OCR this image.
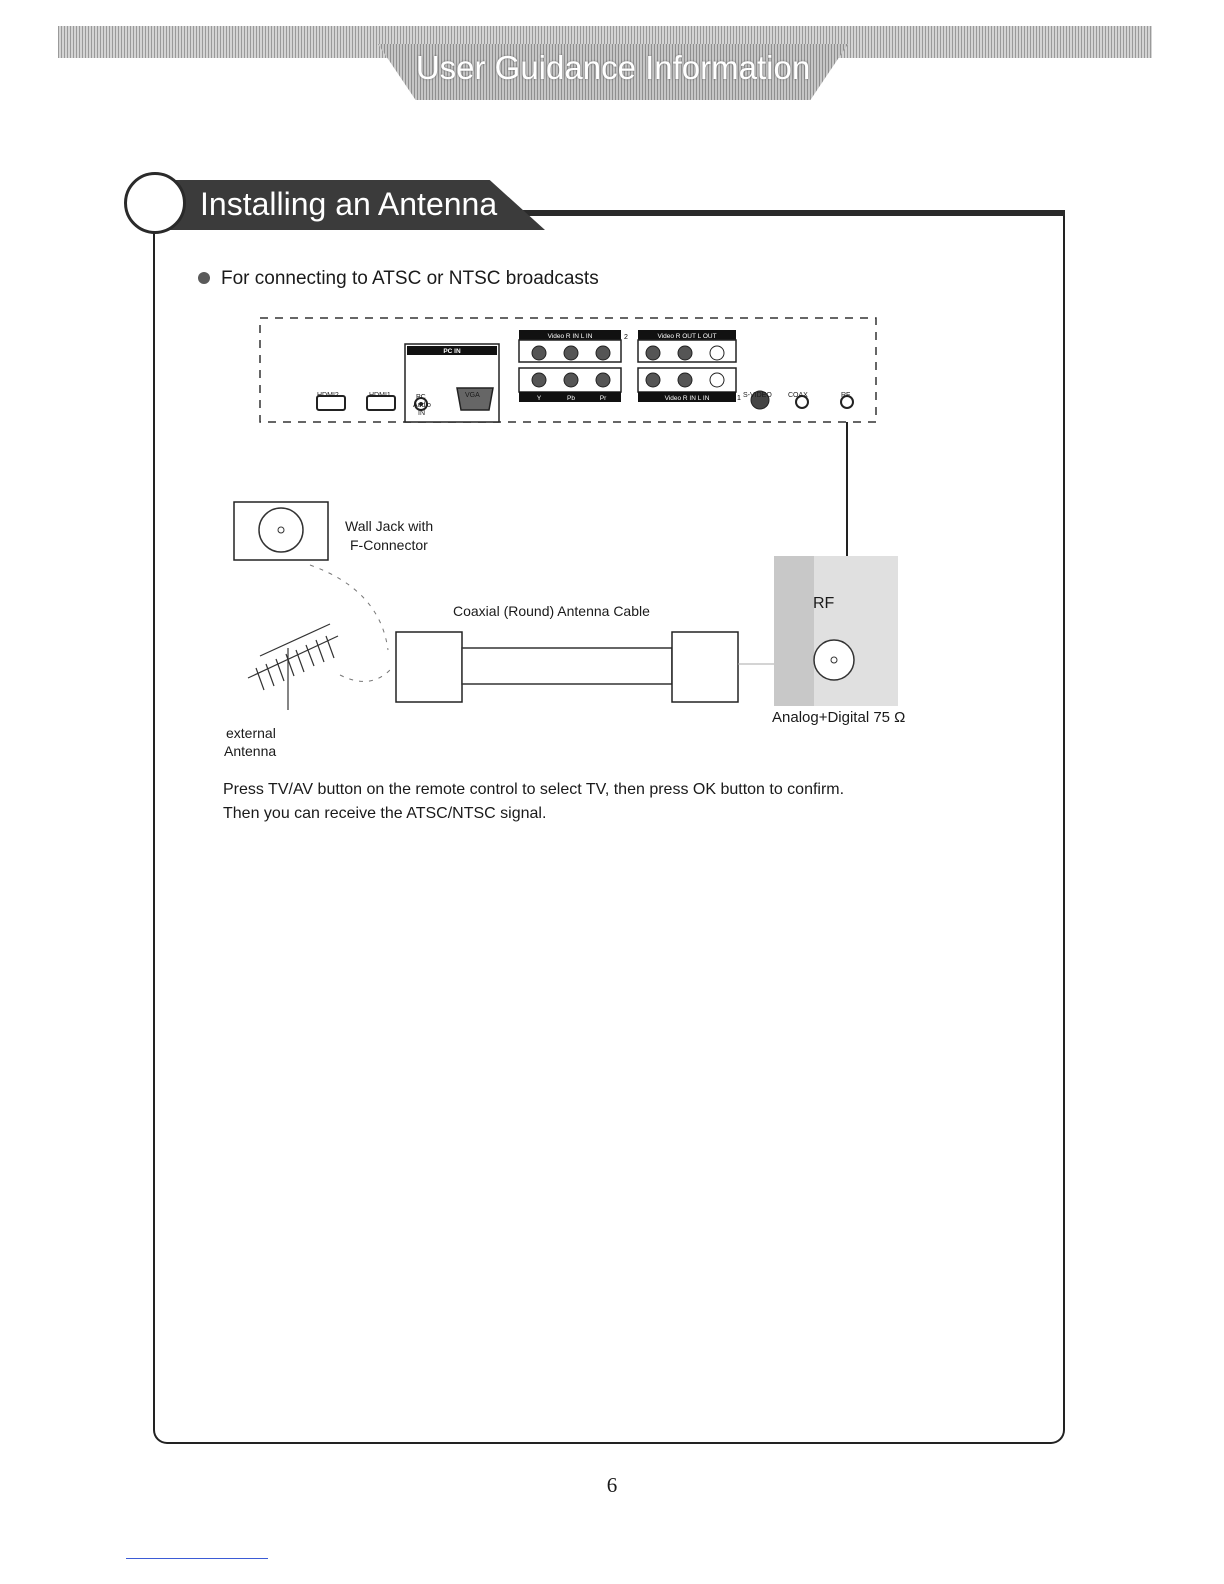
User Guidance Information
Installing an Antenna
For connecting to ATSC or NTSC broadcasts
PC IN
Video R IN L IN	2
Y	Pb	Pr
Video R OUT L OUT
Video R IN L IN	1
HDMI2	HDMI1	PC
Audio
IN
VGA	S-VIDEO COAX	RF
Wall Jack with
F-Connector
Coaxial (Round) Antenna Cable	RF
Analog+Digital 75 Ω
external
Antenna
Press TV/AV button on the remote control to select TV, then press OK button to confirm.
Then you can receive the ATSC/NTSC signal.
6
